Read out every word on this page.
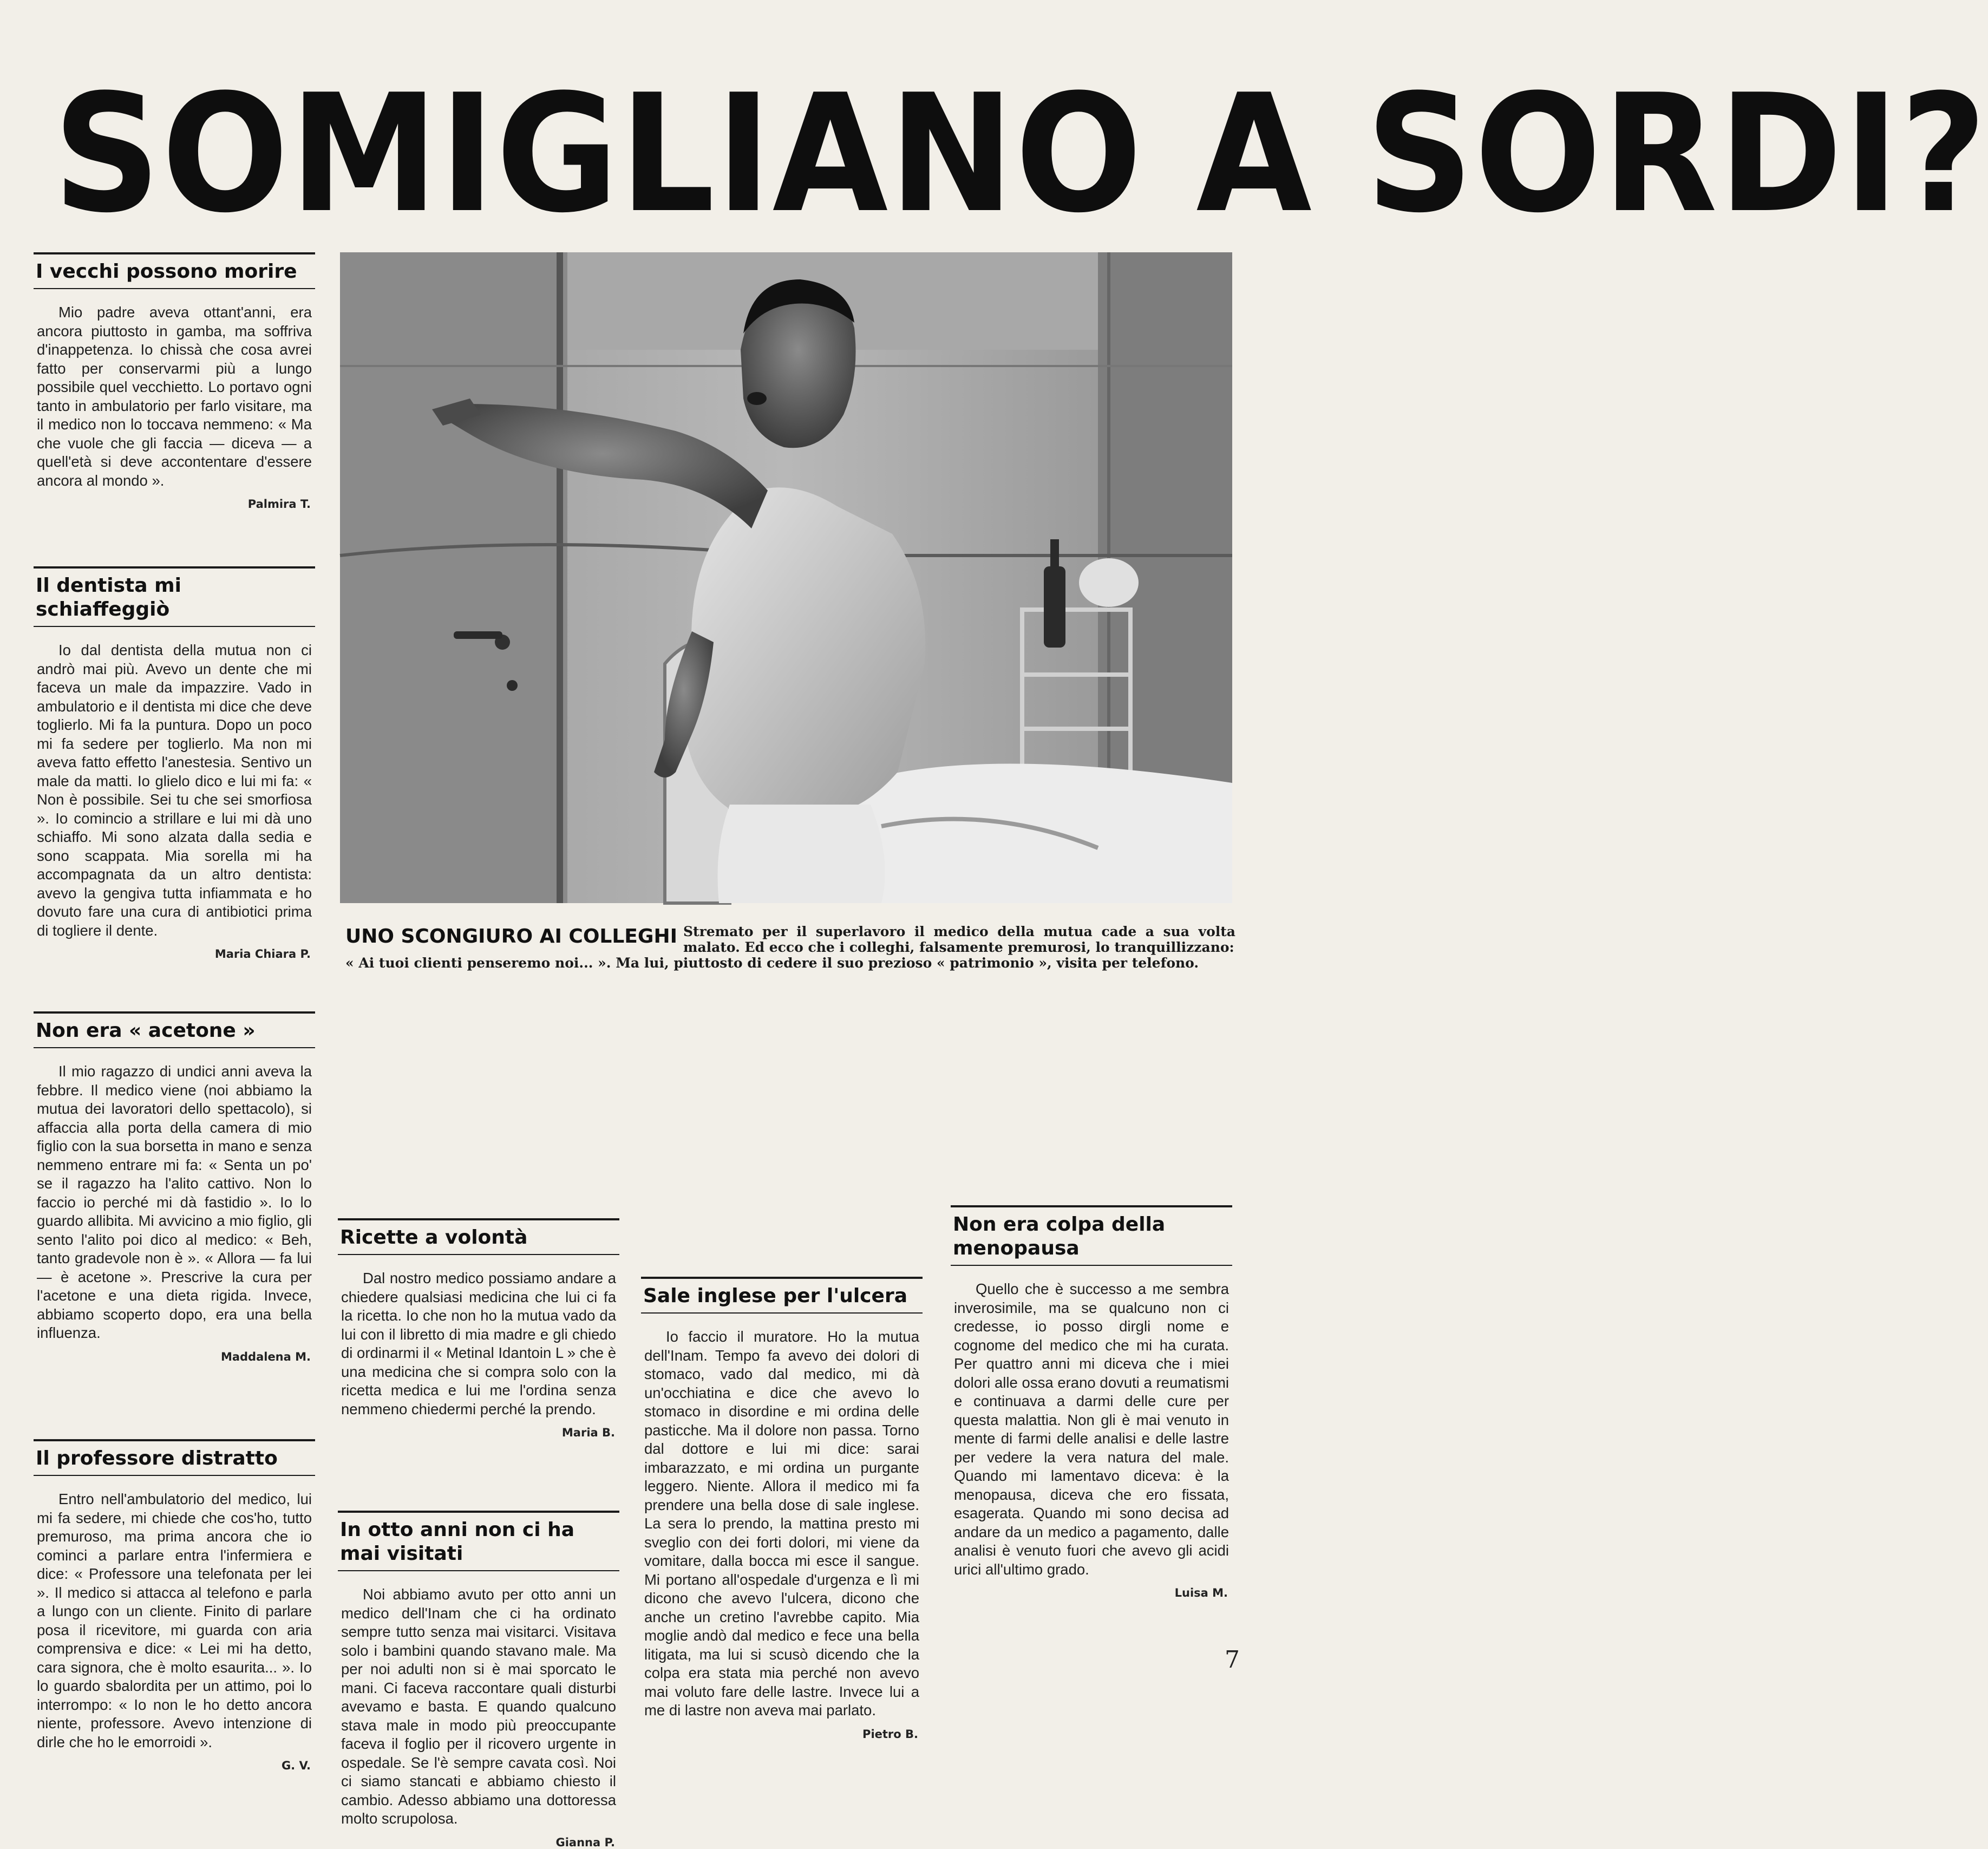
SOMIGLIANO A SORDI?
I vecchi possono morire

Mio padre aveva ottant'anni, era ancora piuttosto in gamba, ma soffriva d'inappetenza. Io chissà che cosa avrei fatto per conservarmi più a lungo possibile quel vecchietto. Lo portavo ogni tanto in ambulatorio per farlo visitare, ma il medico non lo toccava nemmeno: « Ma che vuole che gli faccia — diceva — a quell'età si deve accontentare d'essere ancora al mondo ».

Palmira T.

Il dentista mi schiaffeggiò

Io dal dentista della mutua non ci andrò mai più. Avevo un dente che mi faceva un male da impazzire. Vado in ambulatorio e il dentista mi dice che deve toglierlo. Mi fa la puntura. Dopo un poco mi fa sedere per toglierlo. Ma non mi aveva fatto effetto l'anestesia. Sentivo un male da matti. Io glielo dico e lui mi fa: « Non è possibile. Sei tu che sei smorfiosa ». Io comincio a strillare e lui mi dà uno schiaffo. Mi sono alzata dalla sedia e sono scappata. Mia sorella mi ha accompagnata da un altro dentista: avevo la gengiva tutta infiammata e ho dovuto fare una cura di antibiotici prima di togliere il dente.

Maria Chiara P.

UNO SCONGIURO AI COLLEGHI Stremato per il superlavoro il medico della mutua cade a sua volta malato. Ed ecco che i colleghi, falsamente premurosi, lo tranquillizzano:
« Ai tuoi clienti penseremo noi... ». Ma lui, piuttosto di cedere il suo prezioso « patrimonio », visita per telefono.
Non era « acetone »

Il mio ragazzo di undici anni aveva la febbre. Il medico viene (noi abbiamo la mutua dei lavoratori dello spettacolo), si affaccia alla porta della camera di mio figlio con la sua borsetta in mano e senza nemmeno entrare mi fa: « Senta un po' se il ragazzo ha l'alito cattivo. Non lo faccio io perché mi dà fastidio ». Io lo guardo allibita. Mi avvicino a mio figlio, gli sento l'alito poi dico al medico: « Beh, tanto gradevole non è ». « Allora — fa lui — è acetone ». Prescrive la cura per l'acetone e una dieta rigida. Invece, abbiamo scoperto dopo, era una bella influenza.

Maddalena M.

Il professore distratto

Entro nell'ambulatorio del medico, lui mi fa sedere, mi chiede che cos'ho, tutto premuroso, ma prima ancora che io cominci a parlare entra l'infermiera e dice: « Professore una telefonata per lei ». Il medico si attacca al telefono e parla a lungo con un cliente. Finito di parlare posa il ricevitore, mi guarda con aria comprensiva e dice: « Lei mi ha detto, cara signora, che è molto esaurita... ». Io lo guardo sbalordita per un attimo, poi lo interrompo: « Io non le ho detto ancora niente, professore. Avevo intenzione di dirle che ho le emorroidi ».

G. V.

Ricette a volontà

Dal nostro medico possiamo andare a chiedere qualsiasi medicina che lui ci fa la ricetta. Io che non ho la mutua vado da lui con il libretto di mia madre e gli chiedo di ordinarmi il « Metinal Idantoin L » che è una medicina che si compra solo con la ricetta medica e lui me l'ordina senza nemmeno chiedermi perché la prendo.

Maria B.

In otto anni non ci ha mai visitati

Noi abbiamo avuto per otto anni un medico dell'Inam che ci ha ordinato sempre tutto senza mai visitarci. Visitava solo i bambini quando stavano male. Ma per noi adulti non si è mai sporcato le mani. Ci faceva raccontare quali disturbi avevamo e basta. E quando qualcuno stava male in modo più preoccupante faceva il foglio per il ricovero urgente in ospedale. Se l'è sempre cavata così. Noi ci siamo stancati e abbiamo chiesto il cambio. Adesso abbiamo una dottoressa molto scrupolosa.

Gianna P.

Sale inglese per l'ulcera

Io faccio il muratore. Ho la mutua dell'Inam. Tempo fa avevo dei dolori di stomaco, vado dal medico, mi dà un'occhiatina e dice che avevo lo stomaco in disordine e mi ordina delle pasticche. Ma il dolore non passa. Torno dal dottore e lui mi dice: sarai imbarazzato, e mi ordina un purgante leggero. Niente. Allora il medico mi fa prendere una bella dose di sale inglese. La sera lo prendo, la mattina presto mi sveglio con dei forti dolori, mi viene da vomitare, dalla bocca mi esce il sangue. Mi portano all'ospedale d'urgenza e lì mi dicono che avevo l'ulcera, dicono che anche un cretino l'avrebbe capito. Mia moglie andò dal medico e fece una bella litigata, ma lui si scusò dicendo che la colpa era stata mia perché non avevo mai voluto fare delle lastre. Invece lui a me di lastre non aveva mai parlato.

Pietro B.

Non era colpa della menopausa

Quello che è successo a me sembra inverosimile, ma se qualcuno non ci credesse, io posso dirgli nome e cognome del medico che mi ha curata. Per quattro anni mi diceva che i miei dolori alle ossa erano dovuti a reumatismi e continuava a darmi delle cure per questa malattia. Non gli è mai venuto in mente di farmi delle analisi e delle lastre per vedere la vera natura del male. Quando mi lamentavo diceva: è la menopausa, diceva che ero fissata, esagerata. Quando mi sono decisa ad andare da un medico a pagamento, dalle analisi è venuto fuori che avevo gli acidi urici all'ultimo grado.

Luisa M.

7
